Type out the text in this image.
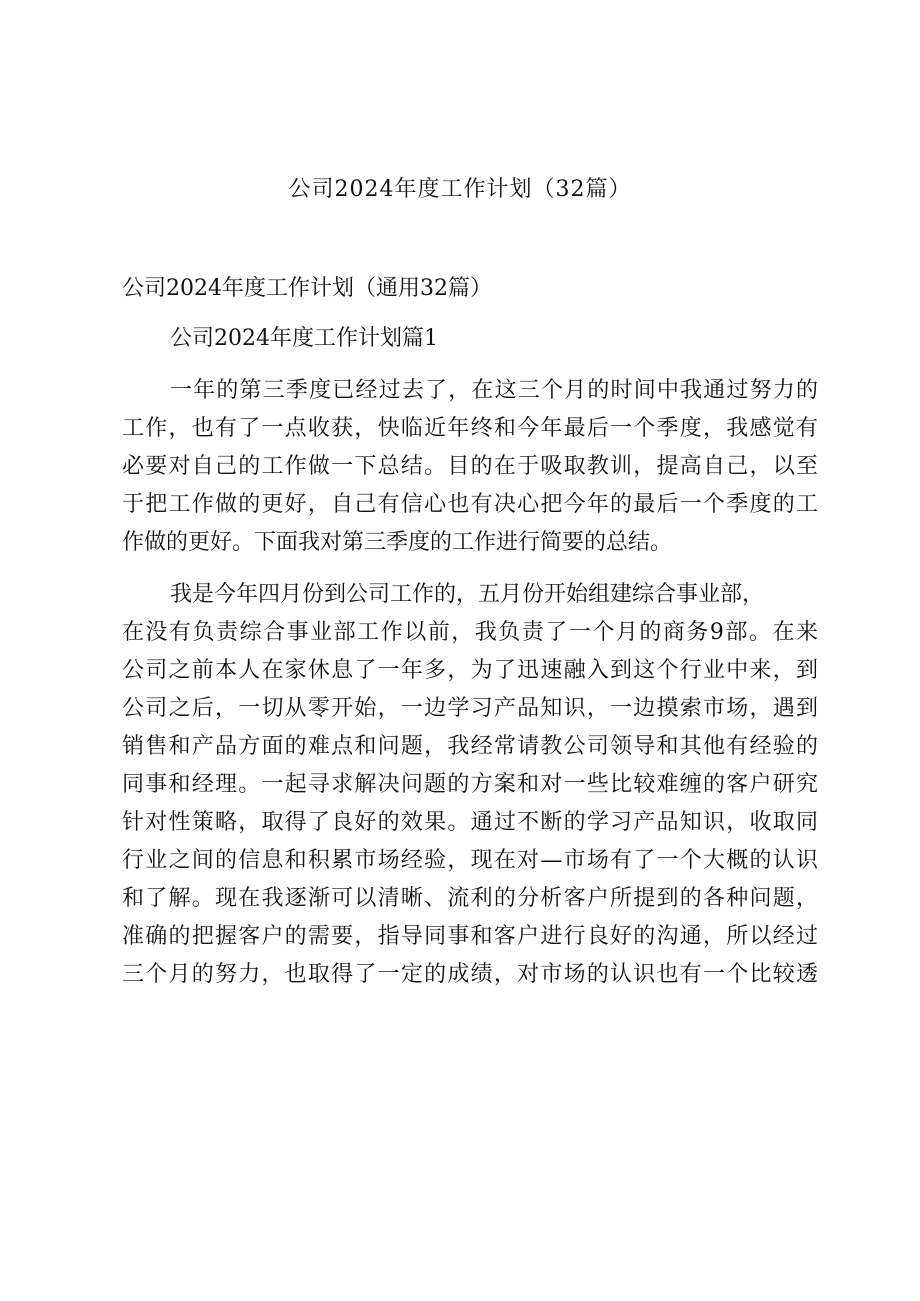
公司2024年度工作计划（32篇）

公司2024年度工作计划（通用32篇）

公司2024年度工作计划篇1

一年的第三季度已经过去了，在这三个月的时间中我通过努力的

工作，也有了一点收获，快临近年终和今年最后一个季度，我感觉有

必要对自己的工作做一下总结。目的在于吸取教训，提高自己，以至

于把工作做的更好，自己有信心也有决心把今年的最后一个季度的工

作做的更好。下面我对第三季度的工作进行简要的总结。

我是今年四月份到公司工作的，五月份开始组建综合事业部，

在没有负责综合事业部工作以前，我负责了一个月的商务9部。在来

公司之前本人在家休息了一年多，为了迅速融入到这个行业中来，到

公司之后，一切从零开始，一边学习产品知识，一边摸索市场，遇到

销售和产品方面的难点和问题，我经常请教公司领导和其他有经验的

同事和经理。一起寻求解决问题的方案和对一些比较难缠的客户研究

针对性策略，取得了良好的效果。通过不断的学习产品知识，收取同

行业之间的信息和积累市场经验，现在对—市场有了一个大概的认识

和了解。现在我逐渐可以清晰、流利的分析客户所提到的各种问题，

准确的把握客户的需要，指导同事和客户进行良好的沟通，所以经过

三个月的努力，也取得了一定的成绩，对市场的认识也有一个比较透
